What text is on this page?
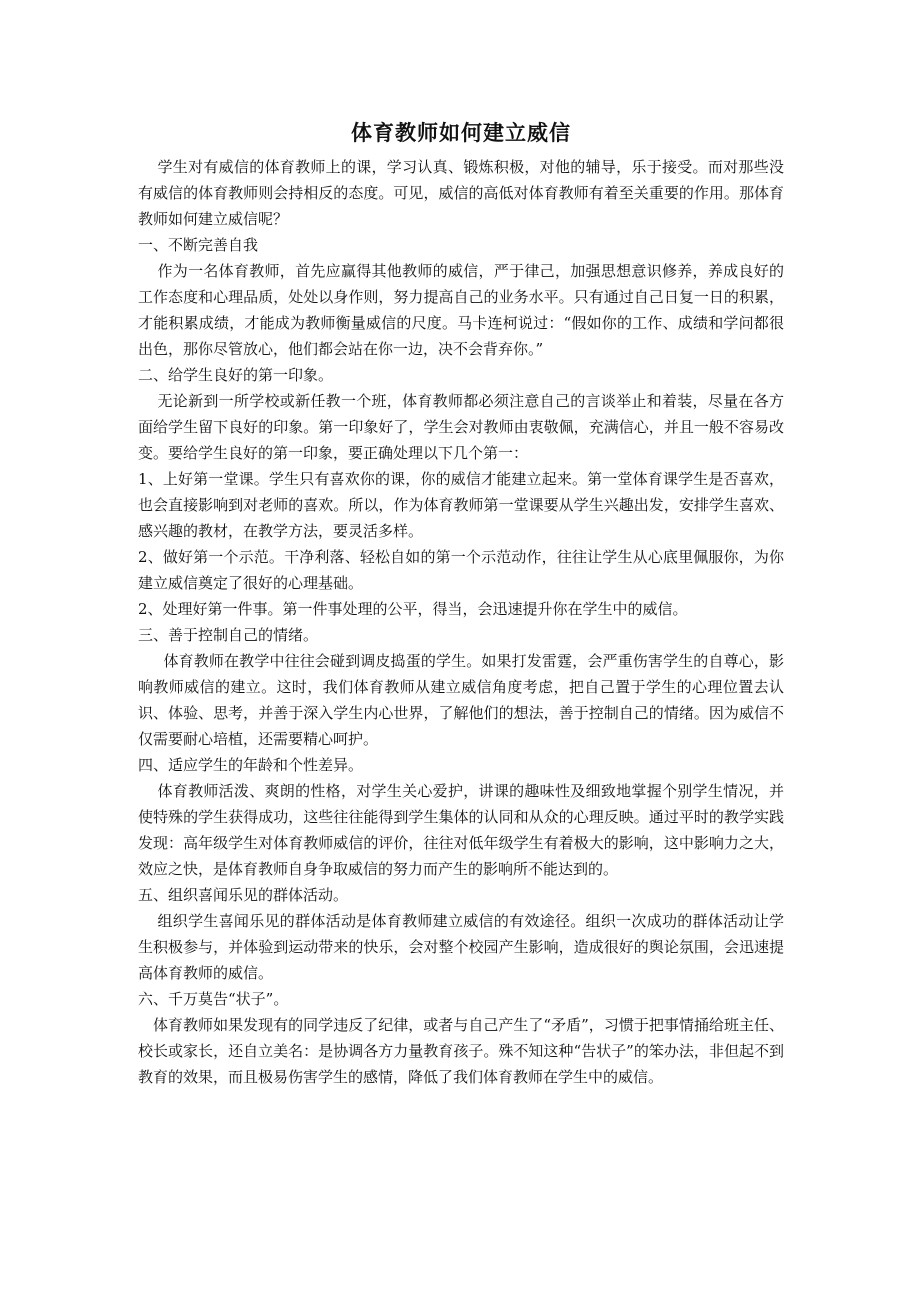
体育教师如何建立威信

学生对有威信的体育教师上的课，学习认真、锻炼积极，对他的辅导，乐于接受。而对那些没有威信的体育教师则会持相反的态度。可见，威信的高低对体育教师有着至关重要的作用。那体育教师如何建立威信呢？

一、不断完善自我

作为一名体育教师，首先应赢得其他教师的威信，严于律己，加强思想意识修养，养成良好的工作态度和心理品质，处处以身作则，努力提高自己的业务水平。只有通过自己日复一日的积累，才能积累成绩，才能成为教师衡量威信的尺度。马卡连柯说过：“假如你的工作、成绩和学问都很出色，那你尽管放心，他们都会站在你一边，决不会背弃你。”

二、给学生良好的第一印象。

无论新到一所学校或新任教一个班，体育教师都必须注意自己的言谈举止和着装，尽量在各方面给学生留下良好的印象。第一印象好了，学生会对教师由衷敬佩，充满信心，并且一般不容易改变。要给学生良好的第一印象，要正确处理以下几个第一：

1、上好第一堂课。学生只有喜欢你的课，你的威信才能建立起来。第一堂体育课学生是否喜欢，也会直接影响到对老师的喜欢。所以，作为体育教师第一堂课要从学生兴趣出发，安排学生喜欢、感兴趣的教材，在教学方法，要灵活多样。

2、做好第一个示范。干净利落、轻松自如的第一个示范动作，往往让学生从心底里佩服你，为你建立威信奠定了很好的心理基础。

2、处理好第一件事。第一件事处理的公平，得当，会迅速提升你在学生中的威信。

三、善于控制自己的情绪。

体育教师在教学中往往会碰到调皮捣蛋的学生。如果打发雷霆，会严重伤害学生的自尊心，影响教师威信的建立。这时，我们体育教师从建立威信角度考虑，把自己置于学生的心理位置去认识、体验、思考，并善于深入学生内心世界，了解他们的想法，善于控制自己的情绪。因为威信不仅需要耐心培植，还需要精心呵护。

四、适应学生的年龄和个性差异。

体育教师活泼、爽朗的性格，对学生关心爱护，讲课的趣味性及细致地掌握个别学生情况，并使特殊的学生获得成功，这些往往能得到学生集体的认同和从众的心理反映。通过平时的教学实践发现：高年级学生对体育教师威信的评价，往往对低年级学生有着极大的影响，这中影响力之大，效应之快，是体育教师自身争取威信的努力而产生的影响所不能达到的。

五、组织喜闻乐见的群体活动。

组织学生喜闻乐见的群体活动是体育教师建立威信的有效途径。组织一次成功的群体活动让学生积极参与，并体验到运动带来的快乐，会对整个校园产生影响，造成很好的舆论氛围，会迅速提高体育教师的威信。

六、千万莫告“状子”。

体育教师如果发现有的同学违反了纪律，或者与自己产生了“矛盾”，习惯于把事情捅给班主任、校长或家长，还自立美名：是协调各方力量教育孩子。殊不知这种“告状子”的笨办法，非但起不到教育的效果，而且极易伤害学生的感情，降低了我们体育教师在学生中的威信。
